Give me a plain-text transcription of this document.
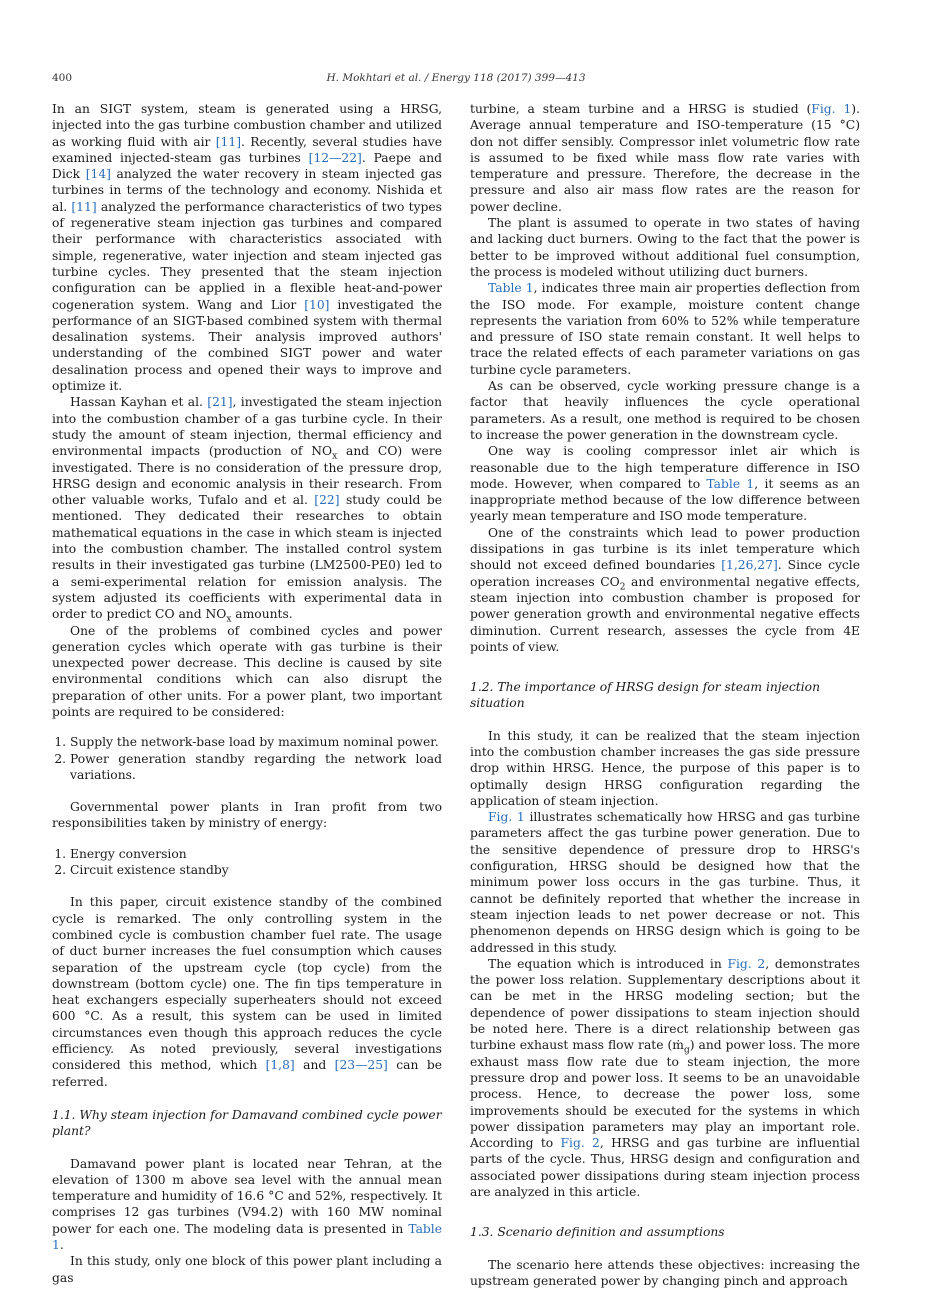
400	H. Mokhtari et al. / Energy 118 (2017) 399—413

In an SIGT system, steam is generated using a HRSG, injected into the gas turbine combustion chamber and utilized as working fluid with air [11]. Recently, several studies have examined injected-steam gas turbines [12—22]. Paepe and Dick [14] analyzed the water recovery in steam injected gas turbines in terms of the technology and economy. Nishida et al. [11] analyzed the performance characteristics of two types of regenerative steam injection gas turbines and compared their performance with characteristics associated with simple, regenerative, water injection and steam injected gas turbine cycles. They presented that the steam injection configuration can be applied in a flexible heat-and-power cogeneration system. Wang and Lior [10] investigated the performance of an SIGT-based combined system with thermal desalination systems. Their analysis improved authors' understanding of the combined SIGT power and water desalination process and opened their ways to improve and optimize it.

Hassan Kayhan et al. [21], investigated the steam injection into the combustion chamber of a gas turbine cycle. In their study the amount of steam injection, thermal efficiency and environmental impacts (production of $NO_x$ and CO) were investigated. There is no consideration of the pressure drop, HRSG design and economic analysis in their research. From other valuable works, Tufalo and et al. [22] study could be mentioned. They dedicated their researches to obtain mathematical equations in the case in which steam is injected into the combustion chamber. The installed control system results in their investigated gas turbine (LM2500-PE0) led to a semi-experimental relation for emission analysis. The system adjusted its coefficients with experimental data in order to predict CO and $NO_x$ amounts.

One of the problems of combined cycles and power generation cycles which operate with gas turbine is their unexpected power decrease. This decline is caused by site environmental conditions which can also disrupt the preparation of other units. For a power plant, two important points are required to be considered:

1. Supply the network-base load by maximum nominal power.
2. Power generation standby regarding the network load variations.

Governmental power plants in Iran profit from two responsibilities taken by ministry of energy:

1. Energy conversion
2. Circuit existence standby

In this paper, circuit existence standby of the combined cycle is remarked. The only controlling system in the combined cycle is combustion chamber fuel rate. The usage of duct burner increases the fuel consumption which causes separation of the upstream cycle (top cycle) from the downstream (bottom cycle) one. The fin tips temperature in heat exchangers especially superheaters should not exceed 600 °C. As a result, this system can be used in limited circumstances even though this approach reduces the cycle efficiency. As noted previously, several investigations considered this method, which [1,8] and [23—25] can be referred.

1.1. Why steam injection for Damavand combined cycle power plant?

Damavand power plant is located near Tehran, at the elevation of 1300 m above sea level with the annual mean temperature and humidity of 16.6 °C and 52%, respectively. It comprises 12 gas turbines (V94.2) with 160 MW nominal power for each one. The modeling data is presented in Table 1.

In this study, only one block of this power plant including a gas

turbine, a steam turbine and a HRSG is studied (Fig. 1). Average annual temperature and ISO-temperature (15 °C) don not differ sensibly. Compressor inlet volumetric flow rate is assumed to be fixed while mass flow rate varies with temperature and pressure. Therefore, the decrease in the pressure and also air mass flow rates are the reason for power decline.

The plant is assumed to operate in two states of having and lacking duct burners. Owing to the fact that the power is better to be improved without additional fuel consumption, the process is modeled without utilizing duct burners.

Table 1, indicates three main air properties deflection from the ISO mode. For example, moisture content change represents the variation from 60% to 52% while temperature and pressure of ISO state remain constant. It well helps to trace the related effects of each parameter variations on gas turbine cycle parameters.

As can be observed, cycle working pressure change is a factor that heavily influences the cycle operational parameters. As a result, one method is required to be chosen to increase the power generation in the downstream cycle.

One way is cooling compressor inlet air which is reasonable due to the high temperature difference in ISO mode. However, when compared to Table 1, it seems as an inappropriate method because of the low difference between yearly mean temperature and ISO mode temperature.

One of the constraints which lead to power production dissipations in gas turbine is its inlet temperature which should not exceed defined boundaries [1,26,27]. Since cycle operation increases $CO_2$ and environmental negative effects, steam injection into combustion chamber is proposed for power generation growth and environmental negative effects diminution. Current research, assesses the cycle from 4E points of view.

1.2. The importance of HRSG design for steam injection situation

In this study, it can be realized that the steam injection into the combustion chamber increases the gas side pressure drop within HRSG. Hence, the purpose of this paper is to optimally design HRSG configuration regarding the application of steam injection.

Fig. 1 illustrates schematically how HRSG and gas turbine parameters affect the gas turbine power generation. Due to the sensitive dependence of pressure drop to HRSG's configuration, HRSG should be designed how that the minimum power loss occurs in the gas turbine. Thus, it cannot be definitely reported that whether the increase in steam injection leads to net power decrease or not. This phenomenon depends on HRSG design which is going to be addressed in this study.

The equation which is introduced in Fig. 2, demonstrates the power loss relation. Supplementary descriptions about it can be met in the HRSG modeling section; but the dependence of power dissipations to steam injection should be noted here. There is a direct relationship between gas turbine exhaust mass flow rate (ṁ$_g$) and power loss. The more exhaust mass flow rate due to steam injection, the more pressure drop and power loss. It seems to be an unavoidable process. Hence, to decrease the power loss, some improvements should be executed for the systems in which power dissipation parameters may play an important role. According to Fig. 2, HRSG and gas turbine are influential parts of the cycle. Thus, HRSG design and configuration and associated power dissipations during steam injection process are analyzed in this article.

1.3. Scenario definition and assumptions

The scenario here attends these objectives: increasing the upstream generated power by changing pinch and approach
